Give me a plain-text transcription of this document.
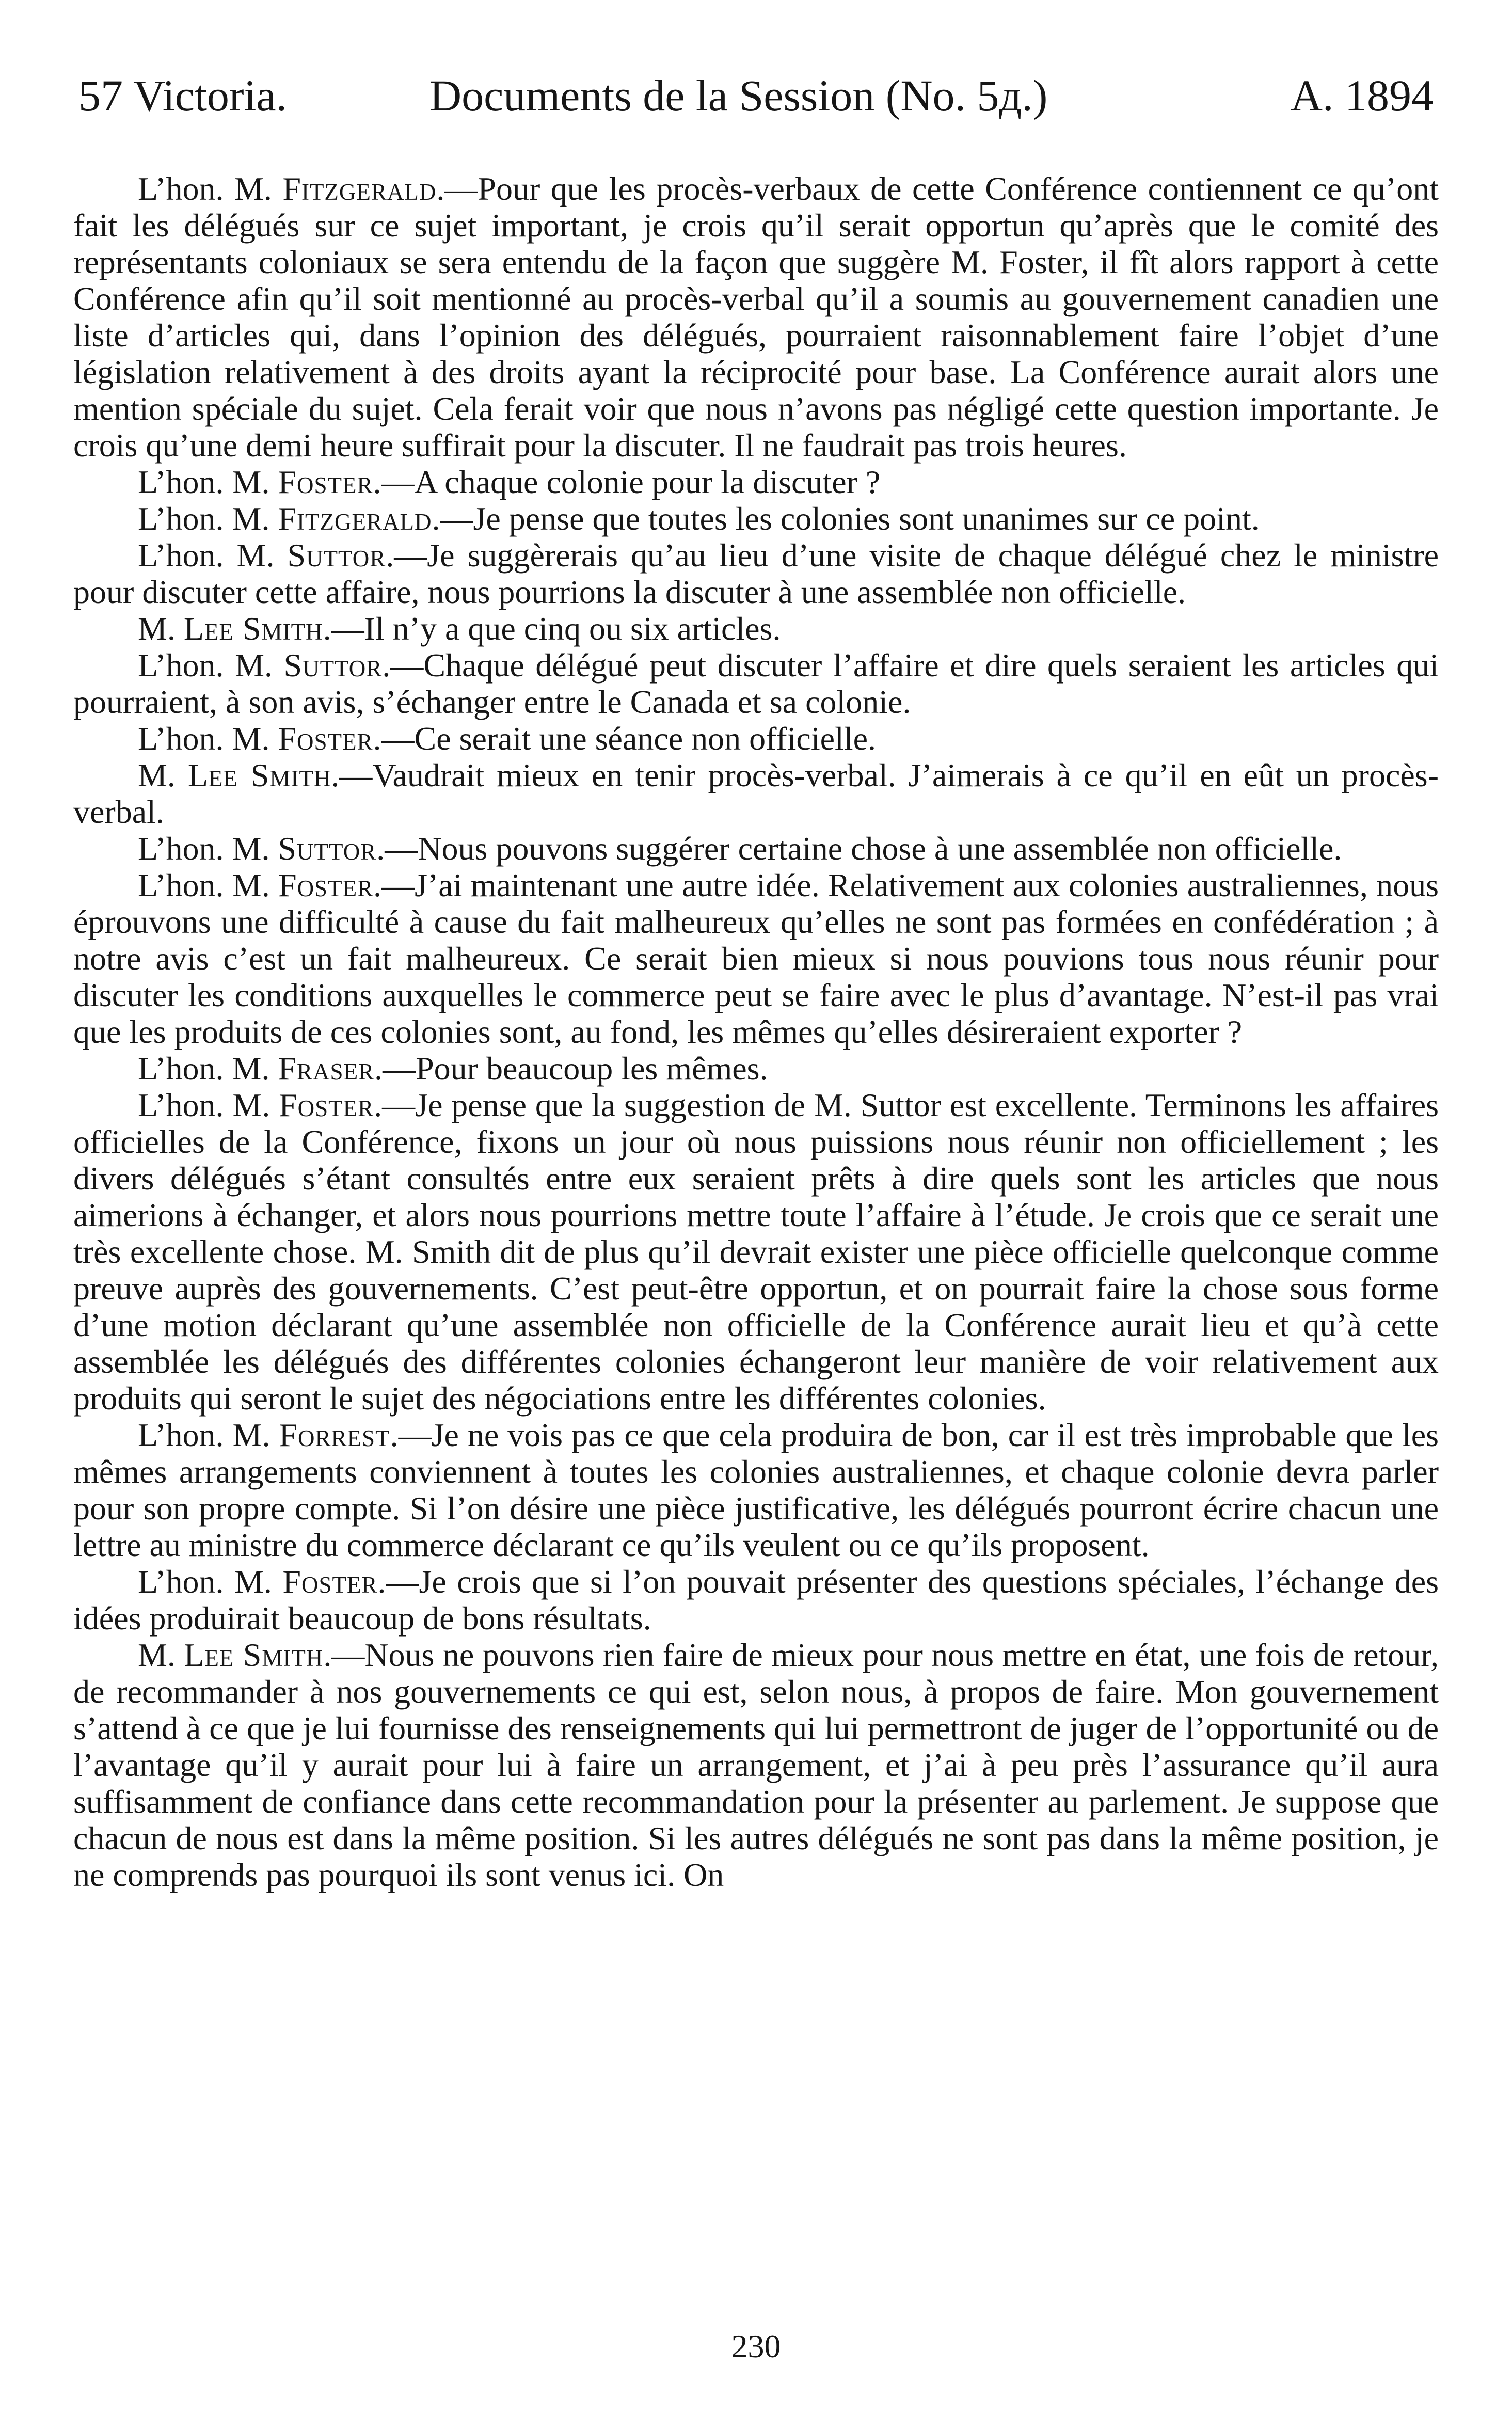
57 Victoria.	Documents de la Session (No. 5д.)	A. 1894

L’hon. M. Fitzgerald.—Pour que les procès-verbaux de cette Conférence contiennent ce qu’ont fait les délégués sur ce sujet important, je crois qu’il serait opportun qu’après que le comité des représentants coloniaux se sera entendu de la façon que suggère M. Foster, il fît alors rapport à cette Conférence afin qu’il soit mentionné au procès-verbal qu’il a soumis au gouvernement canadien une liste d’articles qui, dans l’opinion des délégués, pourraient raisonnablement faire l’objet d’une législation relativement à des droits ayant la réciprocité pour base. La Conférence aurait alors une mention spéciale du sujet. Cela ferait voir que nous n’avons pas négligé cette question importante. Je crois qu’une demi heure suffirait pour la discuter. Il ne faudrait pas trois heures.

L’hon. M. Foster.—A chaque colonie pour la discuter ?

L’hon. M. Fitzgerald.—Je pense que toutes les colonies sont unanimes sur ce point.

L’hon. M. Suttor.—Je suggèrerais qu’au lieu d’une visite de chaque délégué chez le ministre pour discuter cette affaire, nous pourrions la discuter à une assemblée non officielle.

M. Lee Smith.—Il n’y a que cinq ou six articles.

L’hon. M. Suttor.—Chaque délégué peut discuter l’affaire et dire quels seraient les articles qui pourraient, à son avis, s’échanger entre le Canada et sa colonie.

L’hon. M. Foster.—Ce serait une séance non officielle.

M. Lee Smith.—Vaudrait mieux en tenir procès-verbal. J’aimerais à ce qu’il en eût un procès-verbal.

L’hon. M. Suttor.—Nous pouvons suggérer certaine chose à une assemblée non officielle.

L’hon. M. Foster.—J’ai maintenant une autre idée. Relativement aux colonies australiennes, nous éprouvons une difficulté à cause du fait malheureux qu’elles ne sont pas formées en confédération ; à notre avis c’est un fait malheureux. Ce serait bien mieux si nous pouvions tous nous réunir pour discuter les conditions auxquelles le commerce peut se faire avec le plus d’avantage. N’est-il pas vrai que les produits de ces colonies sont, au fond, les mêmes qu’elles désireraient exporter ?

L’hon. M. Fraser.—Pour beaucoup les mêmes.

L’hon. M. Foster.—Je pense que la suggestion de M. Suttor est excellente. Terminons les affaires officielles de la Conférence, fixons un jour où nous puissions nous réunir non officiellement ; les divers délégués s’étant consultés entre eux seraient prêts à dire quels sont les articles que nous aimerions à échanger, et alors nous pourrions mettre toute l’affaire à l’étude. Je crois que ce serait une très excellente chose. M. Smith dit de plus qu’il devrait exister une pièce officielle quelconque comme preuve auprès des gouvernements. C’est peut-être opportun, et on pourrait faire la chose sous forme d’une motion déclarant qu’une assemblée non officielle de la Conférence aurait lieu et qu’à cette assemblée les délégués des différentes colonies échangeront leur manière de voir relativement aux produits qui seront le sujet des négociations entre les différentes colonies.

L’hon. M. Forrest.—Je ne vois pas ce que cela produira de bon, car il est très improbable que les mêmes arrangements conviennent à toutes les colonies australiennes, et chaque colonie devra parler pour son propre compte. Si l’on désire une pièce justificative, les délégués pourront écrire chacun une lettre au ministre du commerce déclarant ce qu’ils veulent ou ce qu’ils proposent.

L’hon. M. Foster.—Je crois que si l’on pouvait présenter des questions spéciales, l’échange des idées produirait beaucoup de bons résultats.

M. Lee Smith.—Nous ne pouvons rien faire de mieux pour nous mettre en état, une fois de retour, de recommander à nos gouvernements ce qui est, selon nous, à propos de faire. Mon gouvernement s’attend à ce que je lui fournisse des renseignements qui lui permettront de juger de l’opportunité ou de l’avantage qu’il y aurait pour lui à faire un arrangement, et j’ai à peu près l’assurance qu’il aura suffisamment de confiance dans cette recommandation pour la présenter au parlement. Je suppose que chacun de nous est dans la même position. Si les autres délégués ne sont pas dans la même position, je ne comprends pas pourquoi ils sont venus ici. On

230
